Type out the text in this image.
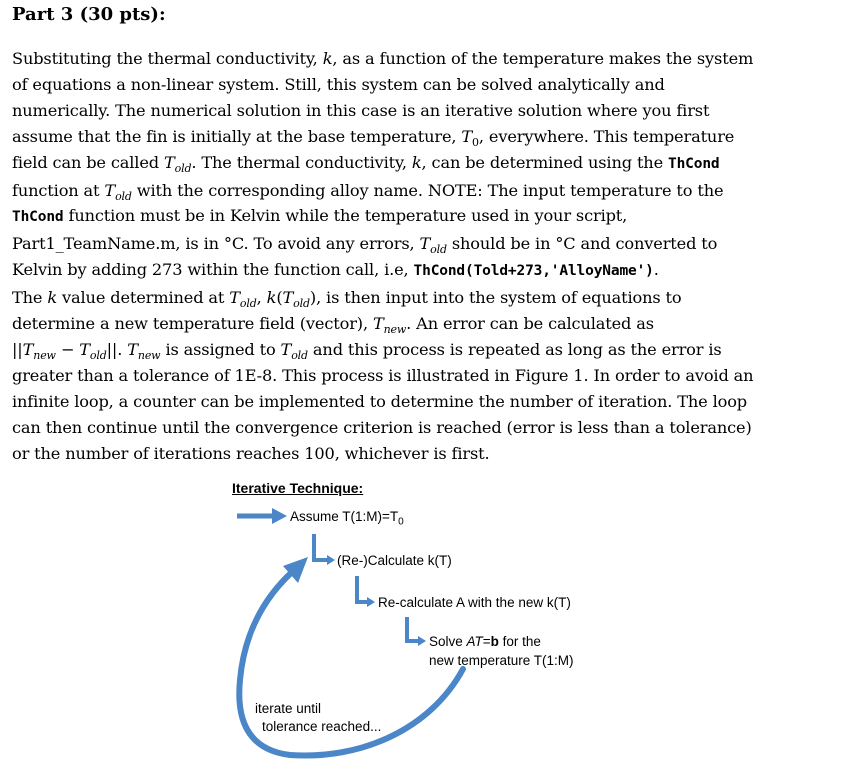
Part 3 (30 pts):
Substituting the thermal conductivity, k, as a function of the temperature makes the system
of equations a non-linear system. Still, this system can be solved analytically and
numerically. The numerical solution in this case is an iterative solution where you first
assume that the fin is initially at the base temperature, $T_0$, everywhere. This temperature
field can be called $T_{old}$. The thermal conductivity, k, can be determined using the ThCond
function at $T_{old}$ with the corresponding alloy name. NOTE: The input temperature to the
ThCond function must be in Kelvin while the temperature used in your script,
Part1_TeamName.m, is in °C. To avoid any errors, $T_{old}$ should be in °C and converted to
Kelvin by adding 273 within the function call, i.e, ThCond(Told+273,'AlloyName').
The k value determined at $T_{old}$, $k(T_{old})$, is then input into the system of equations to
determine a new temperature field (vector), $T_{new}$. An error can be calculated as
$||T_{new} - T_{old}||$. $T_{new}$ is assigned to $T_{old}$ and this process is repeated as long as the error is
greater than a tolerance of 1E-8. This process is illustrated in Figure 1. In order to avoid an
infinite loop, a counter can be implemented to determine the number of iteration. The loop
can then continue until the convergence criterion is reached (error is less than a tolerance)
or the number of iterations reaches 100, whichever is first.
Iterative Technique:
Assume $T(1:M)=T_0$
(Re-)Calculate k(T)
Re-calculate A with the new k(T)
Solve AT=b for the
new temperature T(1:M)
iterate until
tolerance reached...
